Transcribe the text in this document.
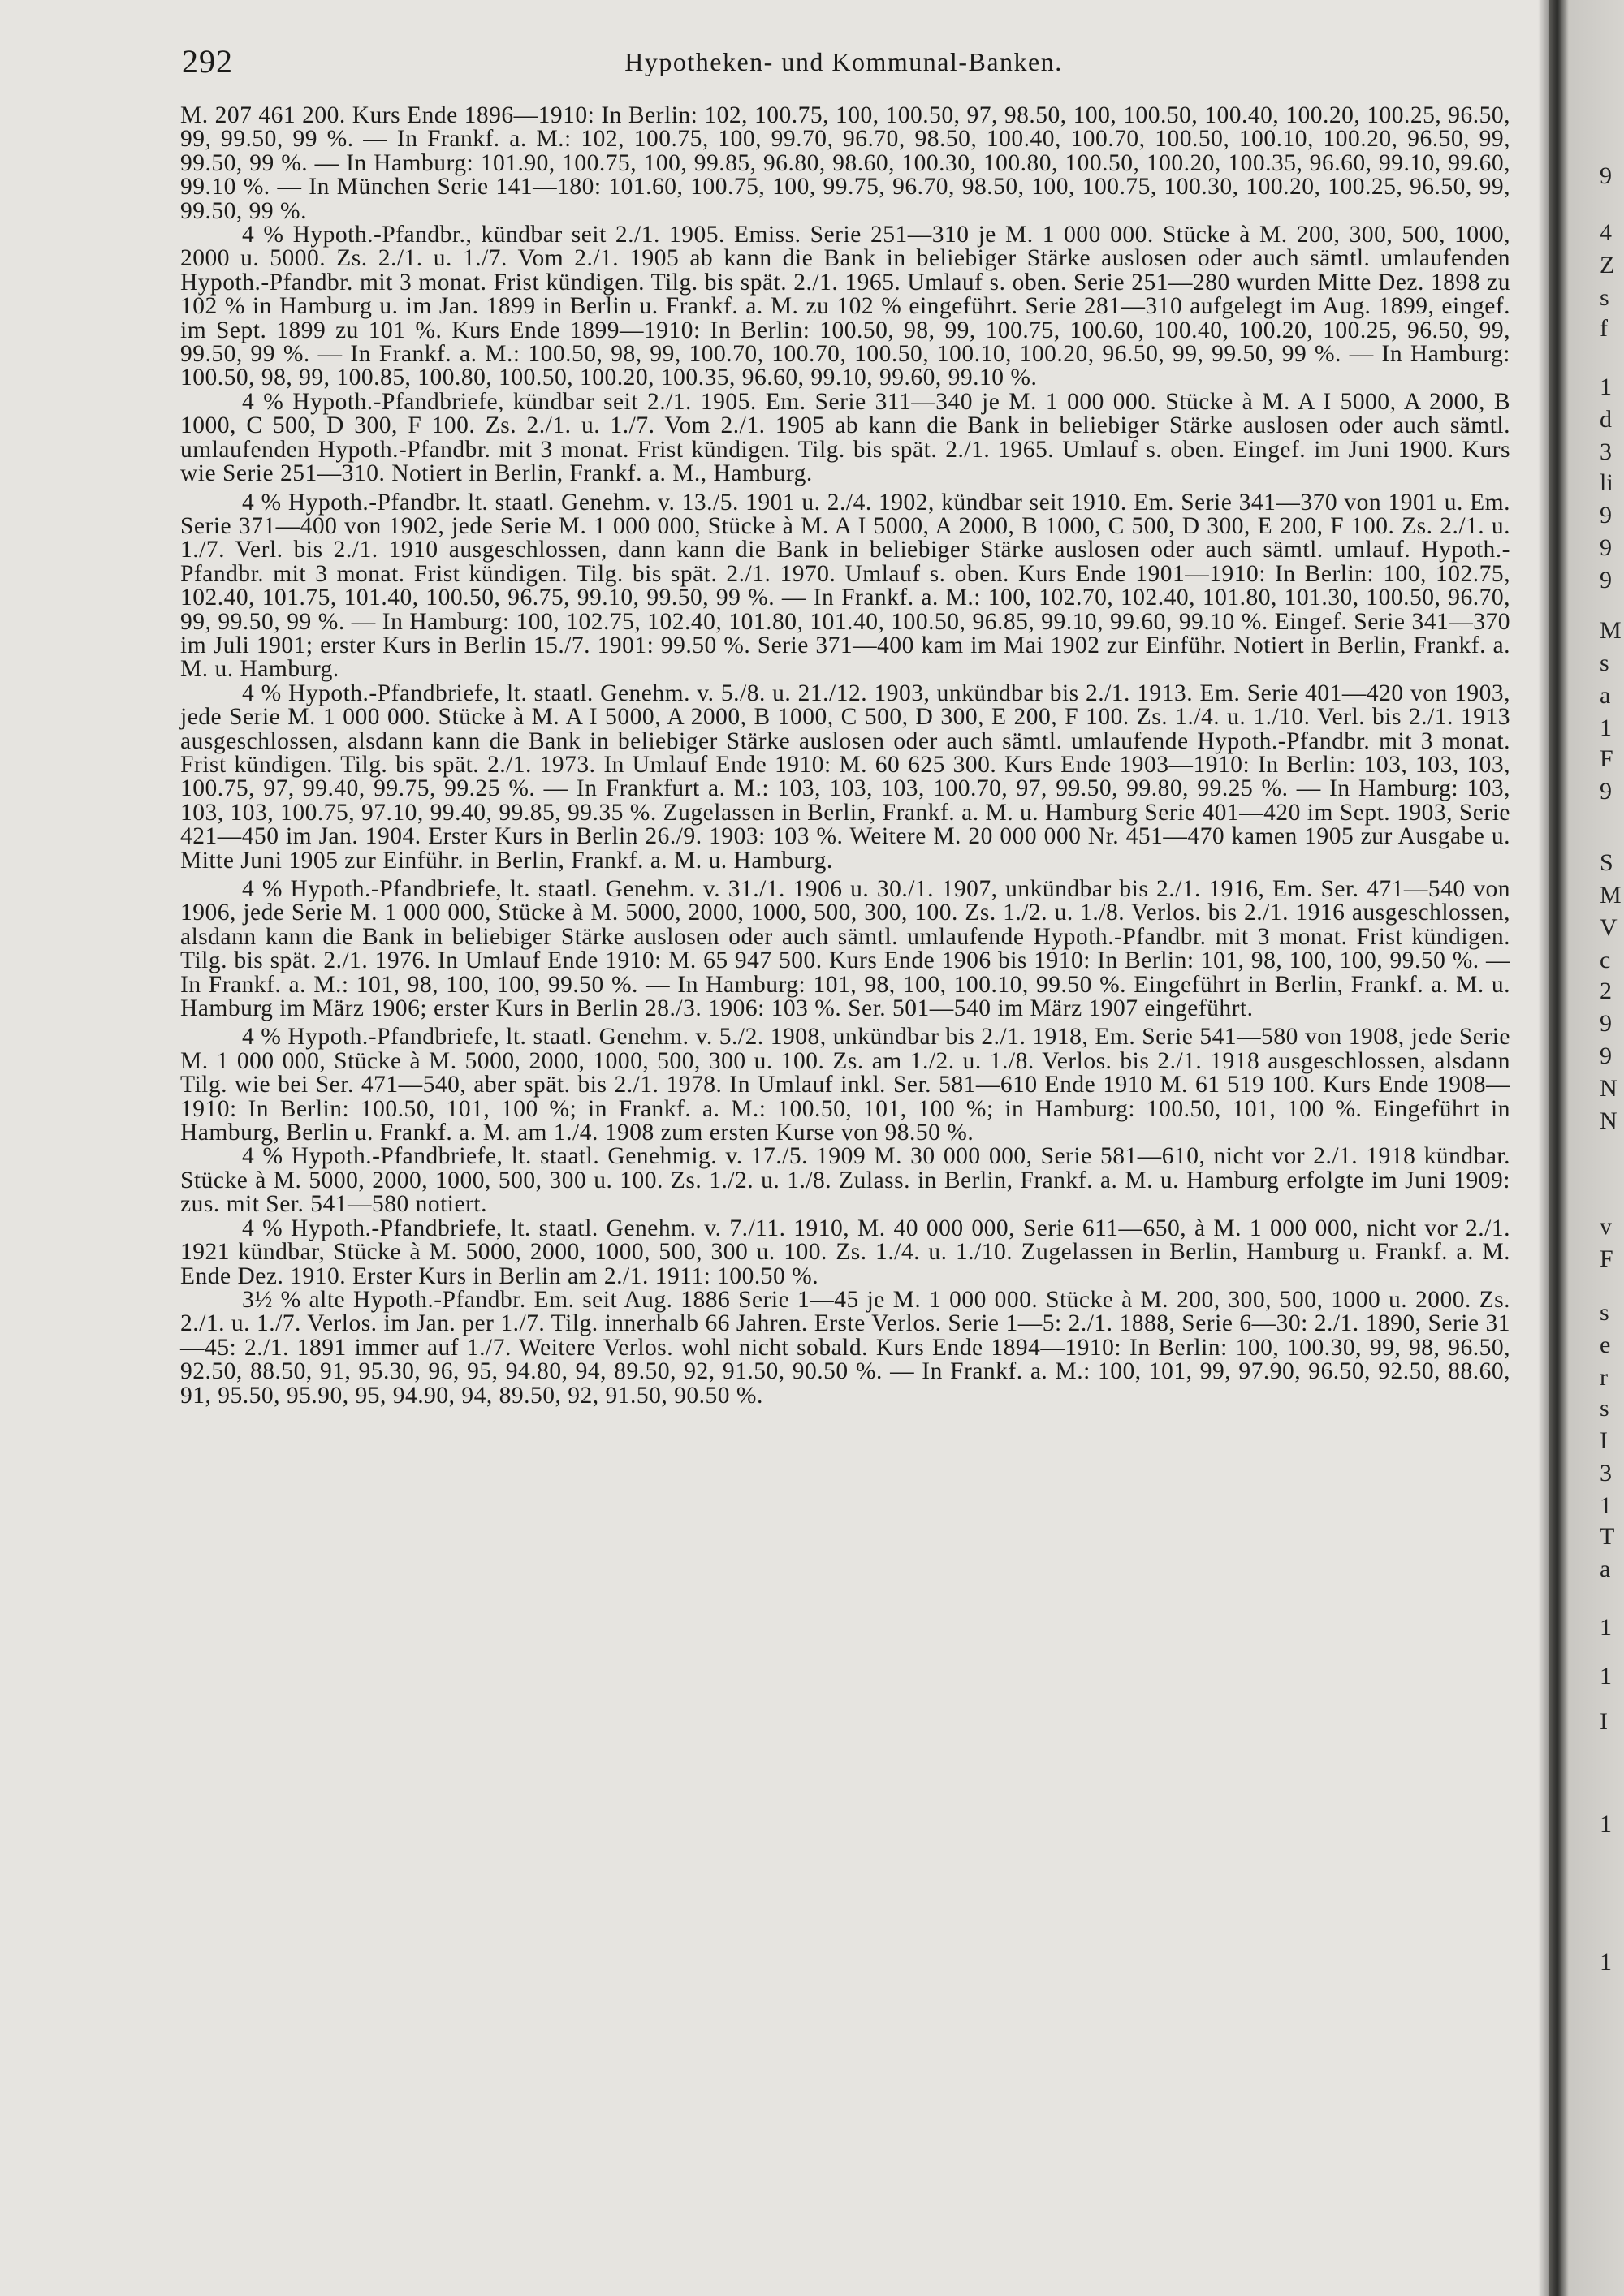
292	Hypotheken- und Kommunal-Banken.

M. 207 461 200. Kurs Ende 1896—1910: In Berlin: 102, 100.75, 100, 100.50, 97, 98.50, 100, 100.50, 100.40, 100.20, 100.25, 96.50, 99, 99.50, 99 %. — In Frankf. a. M.: 102, 100.75, 100, 99.70, 96.70, 98.50, 100.40, 100.70, 100.50, 100.10, 100.20, 96.50, 99, 99.50, 99 %. — In Hamburg: 101.90, 100.75, 100, 99.85, 96.80, 98.60, 100.30, 100.80, 100.50, 100.20, 100.35, 96.60, 99.10, 99.60, 99.10 %. — In München Serie 141—180: 101.60, 100.75, 100, 99.75, 96.70, 98.50, 100, 100.75, 100.30, 100.20, 100.25, 96.50, 99, 99.50, 99 %.

4 % Hypoth.-Pfandbr., kündbar seit 2./1. 1905. Emiss. Serie 251—310 je M. 1 000 000. Stücke à M. 200, 300, 500, 1000, 2000 u. 5000. Zs. 2./1. u. 1./7. Vom 2./1. 1905 ab kann die Bank in beliebiger Stärke auslosen oder auch sämtl. umlaufenden Hypoth.-Pfandbr. mit 3 monat. Frist kündigen. Tilg. bis spät. 2./1. 1965. Umlauf s. oben. Serie 251—280 wurden Mitte Dez. 1898 zu 102 % in Hamburg u. im Jan. 1899 in Berlin u. Frankf. a. M. zu 102 % eingeführt. Serie 281—310 aufgelegt im Aug. 1899, eingef. im Sept. 1899 zu 101 %. Kurs Ende 1899—1910: In Berlin: 100.50, 98, 99, 100.75, 100.60, 100.40, 100.20, 100.25, 96.50, 99, 99.50, 99 %. — In Frankf. a. M.: 100.50, 98, 99, 100.70, 100.70, 100.50, 100.10, 100.20, 96.50, 99, 99.50, 99 %. — In Hamburg: 100.50, 98, 99, 100.85, 100.80, 100.50, 100.20, 100.35, 96.60, 99.10, 99.60, 99.10 %.

4 % Hypoth.-Pfandbriefe, kündbar seit 2./1. 1905. Em. Serie 311—340 je M. 1 000 000. Stücke à M. A I 5000, A 2000, B 1000, C 500, D 300, F 100. Zs. 2./1. u. 1./7. Vom 2./1. 1905 ab kann die Bank in beliebiger Stärke auslosen oder auch sämtl. umlaufenden Hypoth.-Pfandbr. mit 3 monat. Frist kündigen. Tilg. bis spät. 2./1. 1965. Umlauf s. oben. Eingef. im Juni 1900. Kurs wie Serie 251—310. Notiert in Berlin, Frankf. a. M., Hamburg.

4 % Hypoth.-Pfandbr. lt. staatl. Genehm. v. 13./5. 1901 u. 2./4. 1902, kündbar seit 1910. Em. Serie 341—370 von 1901 u. Em. Serie 371—400 von 1902, jede Serie M. 1 000 000, Stücke à M. A I 5000, A 2000, B 1000, C 500, D 300, E 200, F 100. Zs. 2./1. u. 1./7. Verl. bis 2./1. 1910 ausgeschlossen, dann kann die Bank in beliebiger Stärke auslosen oder auch sämtl. umlauf. Hypoth.-Pfandbr. mit 3 monat. Frist kündigen. Tilg. bis spät. 2./1. 1970. Umlauf s. oben. Kurs Ende 1901—1910: In Berlin: 100, 102.75, 102.40, 101.75, 101.40, 100.50, 96.75, 99.10, 99.50, 99 %. — In Frankf. a. M.: 100, 102.70, 102.40, 101.80, 101.30, 100.50, 96.70, 99, 99.50, 99 %. — In Hamburg: 100, 102.75, 102.40, 101.80, 101.40, 100.50, 96.85, 99.10, 99.60, 99.10 %. Eingef. Serie 341—370 im Juli 1901; erster Kurs in Berlin 15./7. 1901: 99.50 %. Serie 371—400 kam im Mai 1902 zur Einführ. Notiert in Berlin, Frankf. a. M. u. Hamburg.

4 % Hypoth.-Pfandbriefe, lt. staatl. Genehm. v. 5./8. u. 21./12. 1903, unkündbar bis 2./1. 1913. Em. Serie 401—420 von 1903, jede Serie M. 1 000 000. Stücke à M. A I 5000, A 2000, B 1000, C 500, D 300, E 200, F 100. Zs. 1./4. u. 1./10. Verl. bis 2./1. 1913 ausgeschlossen, alsdann kann die Bank in beliebiger Stärke auslosen oder auch sämtl. umlaufende Hypoth.-Pfandbr. mit 3 monat. Frist kündigen. Tilg. bis spät. 2./1. 1973. In Umlauf Ende 1910: M. 60 625 300. Kurs Ende 1903—1910: In Berlin: 103, 103, 103, 100.75, 97, 99.40, 99.75, 99.25 %. — In Frankfurt a. M.: 103, 103, 103, 100.70, 97, 99.50, 99.80, 99.25 %. — In Hamburg: 103, 103, 103, 100.75, 97.10, 99.40, 99.85, 99.35 %. Zugelassen in Berlin, Frankf. a. M. u. Hamburg Serie 401—420 im Sept. 1903, Serie 421—450 im Jan. 1904. Erster Kurs in Berlin 26./9. 1903: 103 %. Weitere M. 20 000 000 Nr. 451—470 kamen 1905 zur Ausgabe u. Mitte Juni 1905 zur Einführ. in Berlin, Frankf. a. M. u. Hamburg.

4 % Hypoth.-Pfandbriefe, lt. staatl. Genehm. v. 31./1. 1906 u. 30./1. 1907, unkündbar bis 2./1. 1916, Em. Ser. 471—540 von 1906, jede Serie M. 1 000 000, Stücke à M. 5000, 2000, 1000, 500, 300, 100. Zs. 1./2. u. 1./8. Verlos. bis 2./1. 1916 ausgeschlossen, alsdann kann die Bank in beliebiger Stärke auslosen oder auch sämtl. umlaufende Hypoth.-Pfandbr. mit 3 monat. Frist kündigen. Tilg. bis spät. 2./1. 1976. In Umlauf Ende 1910: M. 65 947 500. Kurs Ende 1906 bis 1910: In Berlin: 101, 98, 100, 100, 99.50 %. — In Frankf. a. M.: 101, 98, 100, 100, 99.50 %. — In Hamburg: 101, 98, 100, 100.10, 99.50 %. Eingeführt in Berlin, Frankf. a. M. u. Hamburg im März 1906; erster Kurs in Berlin 28./3. 1906: 103 %. Ser. 501—540 im März 1907 eingeführt.

4 % Hypoth.-Pfandbriefe, lt. staatl. Genehm. v. 5./2. 1908, unkündbar bis 2./1. 1918, Em. Serie 541—580 von 1908, jede Serie M. 1 000 000, Stücke à M. 5000, 2000, 1000, 500, 300 u. 100. Zs. am 1./2. u. 1./8. Verlos. bis 2./1. 1918 ausgeschlossen, alsdann Tilg. wie bei Ser. 471—540, aber spät. bis 2./1. 1978. In Umlauf inkl. Ser. 581—610 Ende 1910 M. 61 519 100. Kurs Ende 1908—1910: In Berlin: 100.50, 101, 100 %; in Frankf. a. M.: 100.50, 101, 100 %; in Hamburg: 100.50, 101, 100 %. Eingeführt in Hamburg, Berlin u. Frankf. a. M. am 1./4. 1908 zum ersten Kurse von 98.50 %.

4 % Hypoth.-Pfandbriefe, lt. staatl. Genehmig. v. 17./5. 1909 M. 30 000 000, Serie 581—610, nicht vor 2./1. 1918 kündbar. Stücke à M. 5000, 2000, 1000, 500, 300 u. 100. Zs. 1./2. u. 1./8. Zulass. in Berlin, Frankf. a. M. u. Hamburg erfolgte im Juni 1909: zus. mit Ser. 541—580 notiert.

4 % Hypoth.-Pfandbriefe, lt. staatl. Genehm. v. 7./11. 1910, M. 40 000 000, Serie 611—650, à M. 1 000 000, nicht vor 2./1. 1921 kündbar, Stücke à M. 5000, 2000, 1000, 500, 300 u. 100. Zs. 1./4. u. 1./10. Zugelassen in Berlin, Hamburg u. Frankf. a. M. Ende Dez. 1910. Erster Kurs in Berlin am 2./1. 1911: 100.50 %.

3½ % alte Hypoth.-Pfandbr. Em. seit Aug. 1886 Serie 1—45 je M. 1 000 000. Stücke à M. 200, 300, 500, 1000 u. 2000. Zs. 2./1. u. 1./7. Verlos. im Jan. per 1./7. Tilg. innerhalb 66 Jahren. Erste Verlos. Serie 1—5: 2./1. 1888, Serie 6—30: 2./1. 1890, Serie 31—45: 2./1. 1891 immer auf 1./7. Weitere Verlos. wohl nicht sobald. Kurs Ende 1894—1910: In Berlin: 100, 100.30, 99, 98, 96.50, 92.50, 88.50, 91, 95.30, 96, 95, 94.80, 94, 89.50, 92, 91.50, 90.50 %. — In Frankf. a. M.: 100, 101, 99, 97.90, 96.50, 92.50, 88.60, 91, 95.50, 95.90, 95, 94.90, 94, 89.50, 92, 91.50, 90.50 %.

9
4
Z
s
f
1
d
3
li
9
9
9
M
s
a
1
F
9
S
M
V
c
2
9
9
N
N
v
F
s
e
r
s
I
3
1
T
a
1
1
I
1
1
